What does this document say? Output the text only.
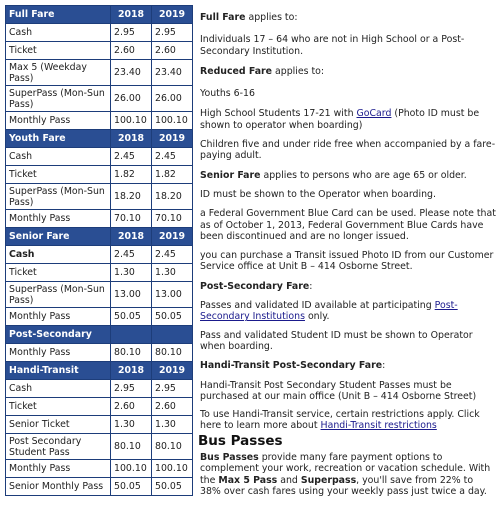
Full Fare	2018	2019
Cash	2.95	2.95
Ticket	2.60	2.60
Max 5 (Weekday Pass)	23.40	23.40
SuperPass (Mon-Sun Pass)	26.00	26.00
Monthly Pass	100.10	100.10
Youth Fare	2018	2019
Cash	2.45	2.45
Ticket	1.82	1.82
SuperPass (Mon-Sun Pass)	18.20	18.20
Monthly Pass	70.10	70.10
Senior Fare	2018	2019
Cash	2.45	2.45
Ticket	1.30	1.30
SuperPass (Mon-Sun Pass)	13.00	13.00
Monthly Pass	50.05	50.05
Post-Secondary		
Monthly Pass	80.10	80.10
Handi-Transit	2018	2019
Cash	2.95	2.95
Ticket	2.60	2.60
Senior Ticket	1.30	1.30
Post Secondary Student Pass	80.10	80.10
Monthly Pass	100.10	100.10
Senior Monthly Pass	50.05	50.05

Full Fare applies to:

Individuals 17 – 64 who are not in High School or a Post-Secondary Institution.

Reduced Fare applies to:

Youths 6-16

High School Students 17-21 with GoCard (Photo ID must be shown to operator when boarding)

Children five and under ride free when accompanied by a fare-paying adult.

Senior Fare applies to persons who are age 65 or older.

ID must be shown to the Operator when boarding.

a Federal Government Blue Card can be used. Please note that as of October 1, 2013, Federal Government Blue Cards have been discontinued and are no longer issued.

you can purchase a Transit issued Photo ID from our Customer Service office at Unit B – 414 Osborne Street.

Post-Secondary Fare:

Passes and validated ID available at participating Post-Secondary Institutions only.

Pass and validated Student ID must be shown to Operator when boarding.

Handi-Transit Post-Secondary Fare:

Handi-Transit Post Secondary Student Passes must be purchased at our main office (Unit B – 414 Osborne Street)

To use Handi-Transit service, certain restrictions apply. Click here to learn more about Handi-Transit restrictions

Bus Passes

Bus Passes provide many fare payment options to complement your work, recreation or vacation schedule. With the Max 5 Pass and Superpass, you'll save from 22% to 38% over cash fares using your weekly pass just twice a day.
